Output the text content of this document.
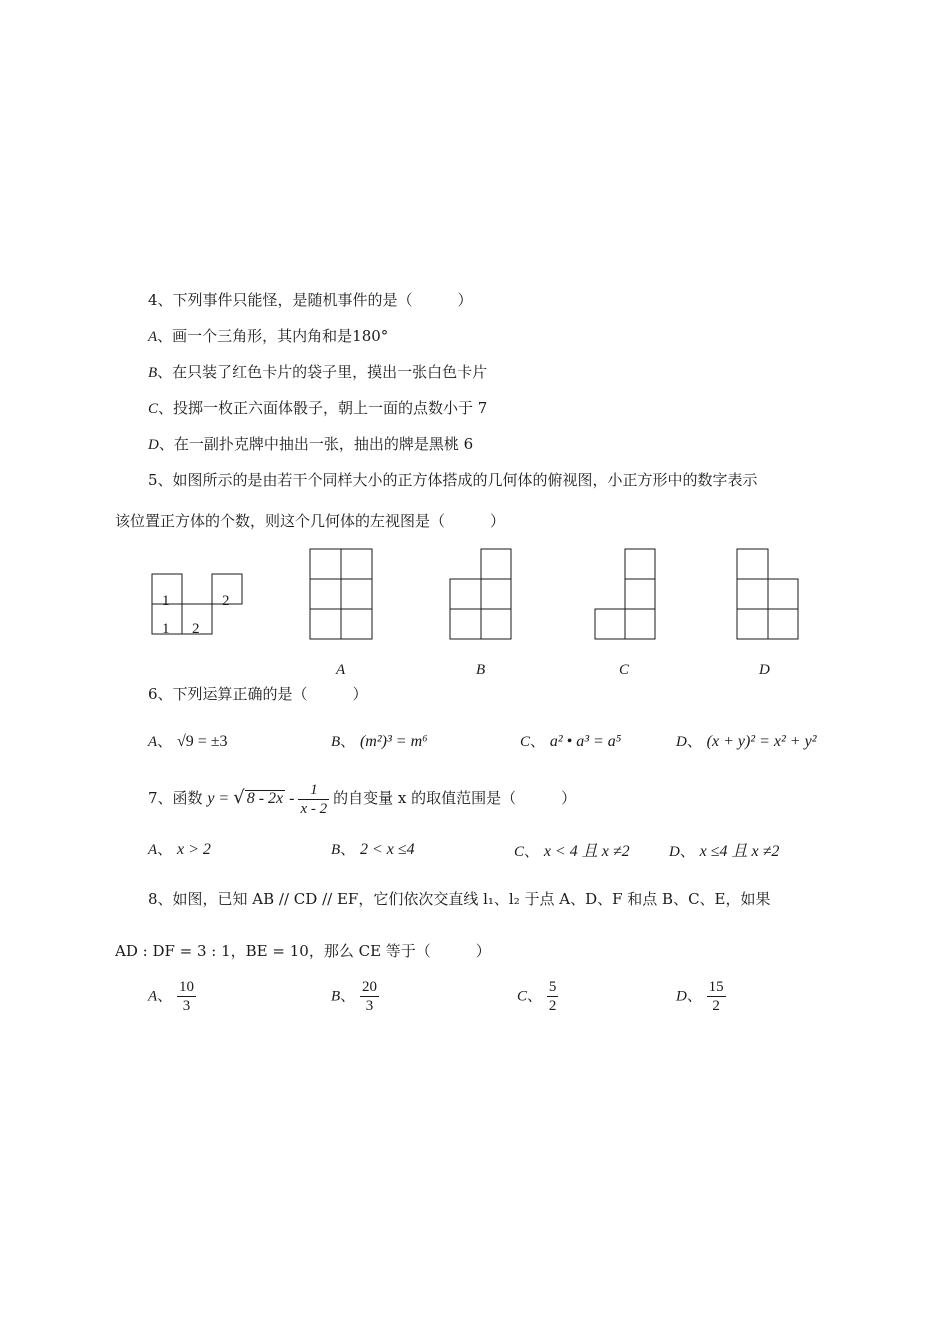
4、下列事件只能怪，是随机事件的是（　　　）
A、画一个三角形，其内角和是180°
B、在只装了红色卡片的袋子里，摸出一张白色卡片
C、投掷一枚正六面体骰子，朝上一面的点数小于 7
D、在一副扑克牌中抽出一张，抽出的牌是黑桃 6
5、如图所示的是由若干个同样大小的正方体搭成的几何体的俯视图，小正方形中的数字表示
该位置正方体的个数，则这个几何体的左视图是（　　　）
1	2
1 2
A	B	C	D
6、下列运算正确的是（　　　）
A、 √9 = ±3	B、 (m²)³ = m⁶	C、 a² • a³ = a⁵	D、 (x + y)² = x² + y²
7、函数 y = √ $8 - 2x - \frac{1}{x - 2}$ 的自变量 x 的取值范围是（　　　）
A、 x > 2	B、 2 < x ≤4	C、 x < 4 且 x ≠2	D、 x ≤4 且 x ≠2
8、如图，已知 AB // CD // EF，它们依次交直线 l₁、l₂ 于点 A、D、F 和点 B、C、E，如果
AD : DF = 3 : 1，BE = 10，那么 CE 等于（　　　）
A、 $\frac{10}{3}$	B、 $\frac{20}{3}$	C、 $\frac{5}{2}$	D、 $\frac{15}{2}$
